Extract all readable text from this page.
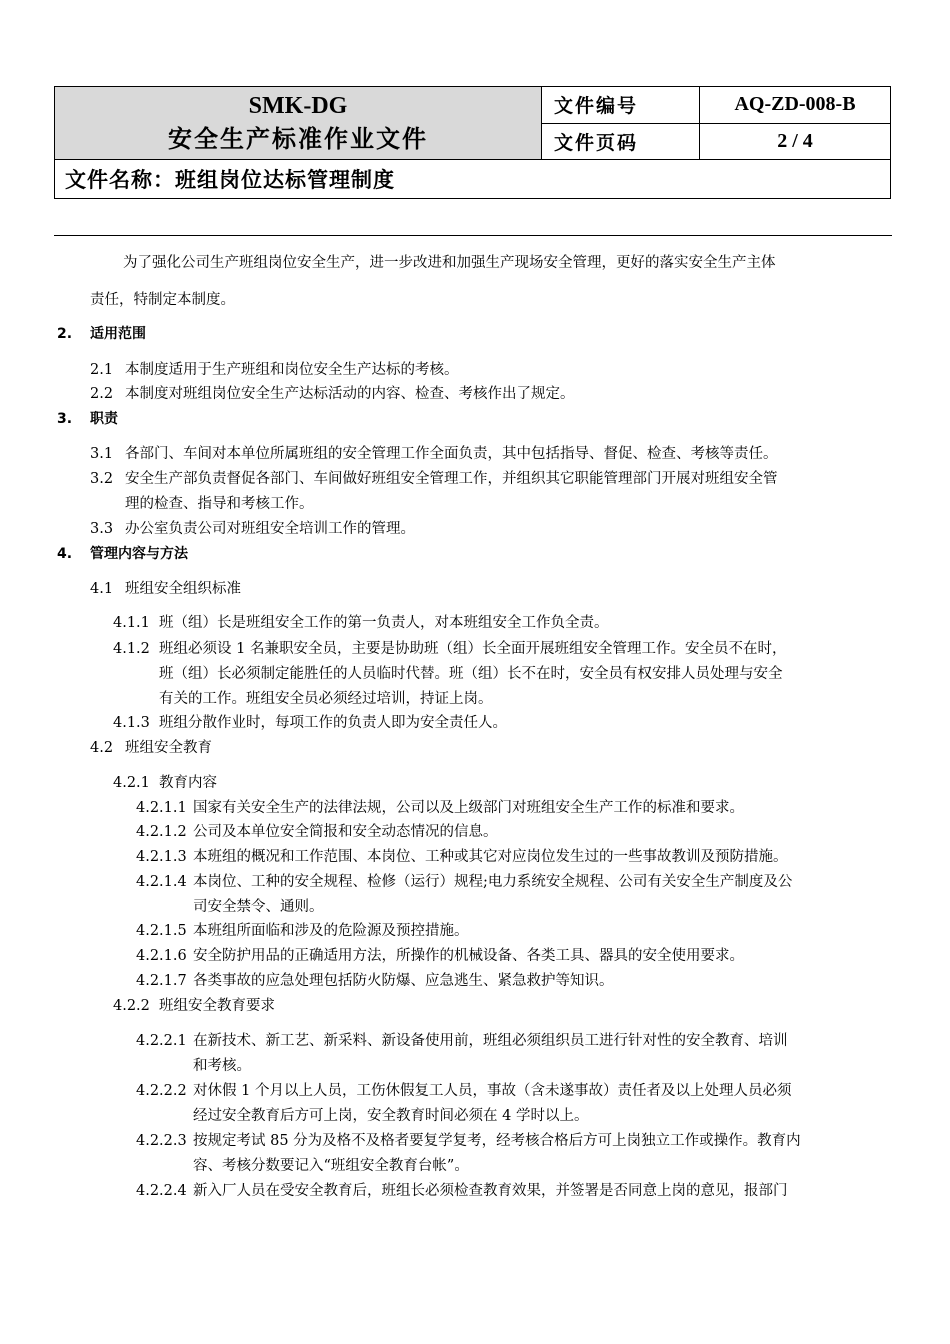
SMK-DG
安全生产标准作业文件	文件编号	AQ-ZD-008-B
	文件页码	2 / 4
文件名称：班组岗位达标管理制度		
为了强化公司生产班组岗位安全生产，进一步改进和加强生产现场安全管理，更好的落实安全生产主体
责任，特制定本制度。
2. 适用范围
2.1 本制度适用于生产班组和岗位安全生产达标的考核。
2.2 本制度对班组岗位安全生产达标活动的内容、检查、考核作出了规定。
3. 职责
3.1 各部门、车间对本单位所属班组的安全管理工作全面负责，其中包括指导、督促、检查、考核等责任。
3.2 安全生产部负责督促各部门、车间做好班组安全管理工作，并组织其它职能管理部门开展对班组安全管
理的检查、指导和考核工作。
3.3 办公室负责公司对班组安全培训工作的管理。
4. 管理内容与方法
4.1 班组安全组织标准
4.1.1 班（组）长是班组安全工作的第一负责人，对本班组安全工作负全责。
4.1.2 班组必须设 1 名兼职安全员，主要是协助班（组）长全面开展班组安全管理工作。安全员不在时，
班（组）长必须制定能胜任的人员临时代替。班（组）长不在时，安全员有权安排人员处理与安全
有关的工作。班组安全员必须经过培训，持证上岗。
4.1.3 班组分散作业时，每项工作的负责人即为安全责任人。
4.2 班组安全教育
4.2.1 教育内容
4.2.1.1 国家有关安全生产的法律法规，公司以及上级部门对班组安全生产工作的标准和要求。
4.2.1.2 公司及本单位安全简报和安全动态情况的信息。
4.2.1.3 本班组的概况和工作范围、本岗位、工种或其它对应岗位发生过的一些事故教训及预防措施。
4.2.1.4 本岗位、工种的安全规程、检修（运行）规程;电力系统安全规程、公司有关安全生产制度及公
司安全禁令、通则。
4.2.1.5 本班组所面临和涉及的危险源及预控措施。
4.2.1.6 安全防护用品的正确适用方法，所操作的机械设备、各类工具、器具的安全使用要求。
4.2.1.7 各类事故的应急处理包括防火防爆、应急逃生、紧急救护等知识。
4.2.2 班组安全教育要求
4.2.2.1 在新技术、新工艺、新采料、新设备使用前，班组必须组织员工进行针对性的安全教育、培训
和考核。
4.2.2.2 对休假 1 个月以上人员，工伤休假复工人员，事故（含未遂事故）责任者及以上处理人员必须
经过安全教育后方可上岗，安全教育时间必须在 4 学时以上。
4.2.2.3 按规定考试 85 分为及格不及格者要复学复考，经考核合格后方可上岗独立工作或操作。教育内
容、考核分数要记入“班组安全教育台帐”。
4.2.2.4 新入厂人员在受安全教育后，班组长必须检查教育效果，并签署是否同意上岗的意见，报部门
